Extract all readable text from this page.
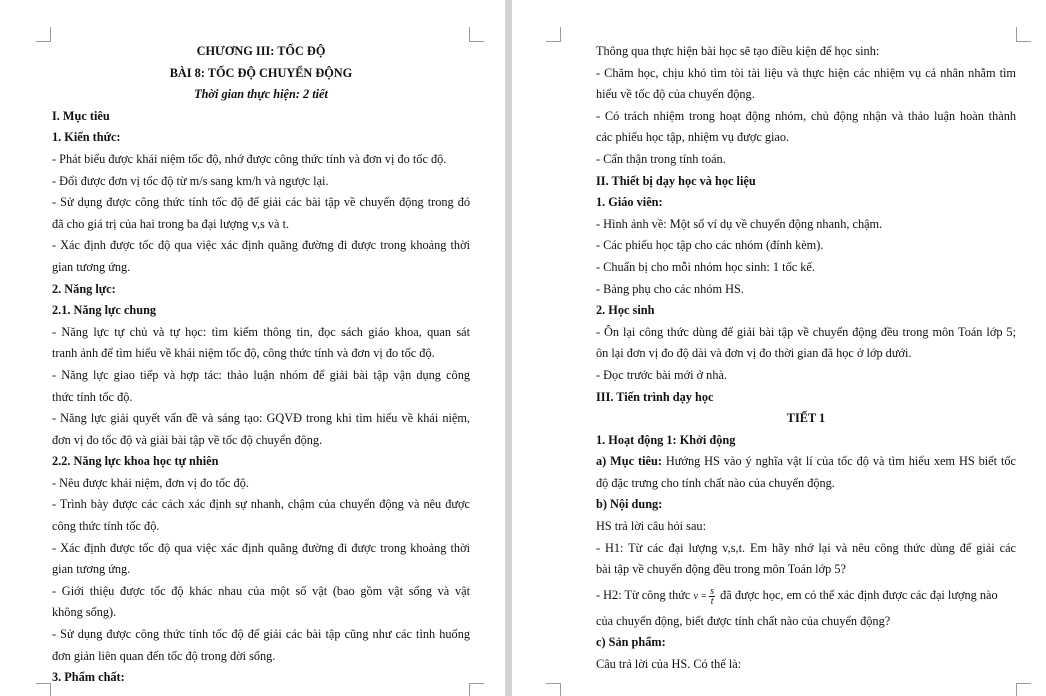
CHƯƠNG III: TỐC ĐỘ
BÀI 8: TỐC ĐỘ CHUYỂN ĐỘNG
Thời gian thực hiện: 2 tiết
I. Mục tiêu
1. Kiến thức:
- Phát biểu được khái niệm tốc độ, nhớ được công thức tính và đơn vị đo tốc độ.
- Đổi được đơn vị tốc độ từ m/s sang km/h và ngược lại.
- Sử dụng được công thức tính tốc độ để giải các bài tập về chuyển động trong đó
đã cho giá trị của hai trong ba đại lượng v,s và t.
- Xác định được tốc độ qua việc xác định quãng đường đi được trong khoảng thời
gian tương ứng.
2. Năng lực:
2.1. Năng lực chung
- Năng lực tự chủ và tự học: tìm kiếm thông tin, đọc sách giáo khoa, quan sát
tranh ảnh để tìm hiểu về khái niệm tốc độ, công thức tính và đơn vị đo tốc độ.
- Năng lực giao tiếp và hợp tác: thảo luận nhóm để giải bài tập vận dụng công
thức tính tốc độ.
- Năng lực giải quyết vấn đề và sáng tạo: GQVĐ trong khi tìm hiểu về khái niệm,
đơn vị đo tốc độ và giải bài tập về tốc độ chuyển động.
2.2. Năng lực khoa học tự nhiên
- Nêu được khái niệm, đơn vị đo tốc độ.
- Trình bày được các cách xác định sự nhanh, chậm của chuyển động và nêu được
công thức tính tốc độ.
- Xác định được tốc độ qua việc xác định quãng đường đi được trong khoảng thời
gian tương ứng.
- Giới thiệu được tốc độ khác nhau của một số vật (bao gồm vật sống và vật
không sống).
- Sử dụng được công thức tính tốc độ để giải các bài tập cũng như các tình huống
đơn giản liên quan đến tốc độ trong đời sống.
3. Phẩm chất:
Thông qua thực hiện bài học sẽ tạo điều kiện để học sinh:
- Chăm học, chịu khó tìm tòi tài liệu và thực hiện các nhiệm vụ cá nhân nhằm tìm
hiểu về tốc độ của chuyển động.
- Có trách nhiệm trong hoạt động nhóm, chủ động nhận và thảo luận hoàn thành
các phiếu học tập, nhiệm vụ được giao.
- Cẩn thận trong tính toán.
II. Thiết bị dạy học và học liệu
1. Giáo viên:
- Hình ảnh về: Một số ví dụ về chuyển động nhanh, chậm.
- Các phiếu học tập cho các nhóm (đính kèm).
- Chuẩn bị cho mỗi nhóm học sinh: 1 tốc kế.
- Bảng phụ cho các nhóm HS.
2. Học sinh
- Ôn lại công thức dùng để giải bài tập về chuyển động đều trong môn Toán lớp 5;
ôn lại đơn vị đo độ dài và đơn vị đo thời gian đã học ở lớp dưới.
- Đọc trước bài mới ở nhà.
III. Tiến trình dạy học
TIẾT 1
1. Hoạt động 1: Khởi động
a) Mục tiêu: Hướng HS vào ý nghĩa vật lí của tốc độ và tìm hiểu xem HS biết tốc
độ đặc trưng cho tính chất nào của chuyển động.
b) Nội dung:
HS trả lời câu hỏi sau:
- H1: Từ các đại lượng v,s,t. Em hãy nhớ lại và nêu công thức dùng để giải các
bài tập về chuyển động đều trong môn Toán lớp 5?
- H2: Từ công thức $v = \frac{s}{t}$ đã được học, em có thể xác định được các đại lượng nào
của chuyển động, biết được tính chất nào của chuyển động?
c) Sản phẩm:
Câu trả lời của HS. Có thể là:
